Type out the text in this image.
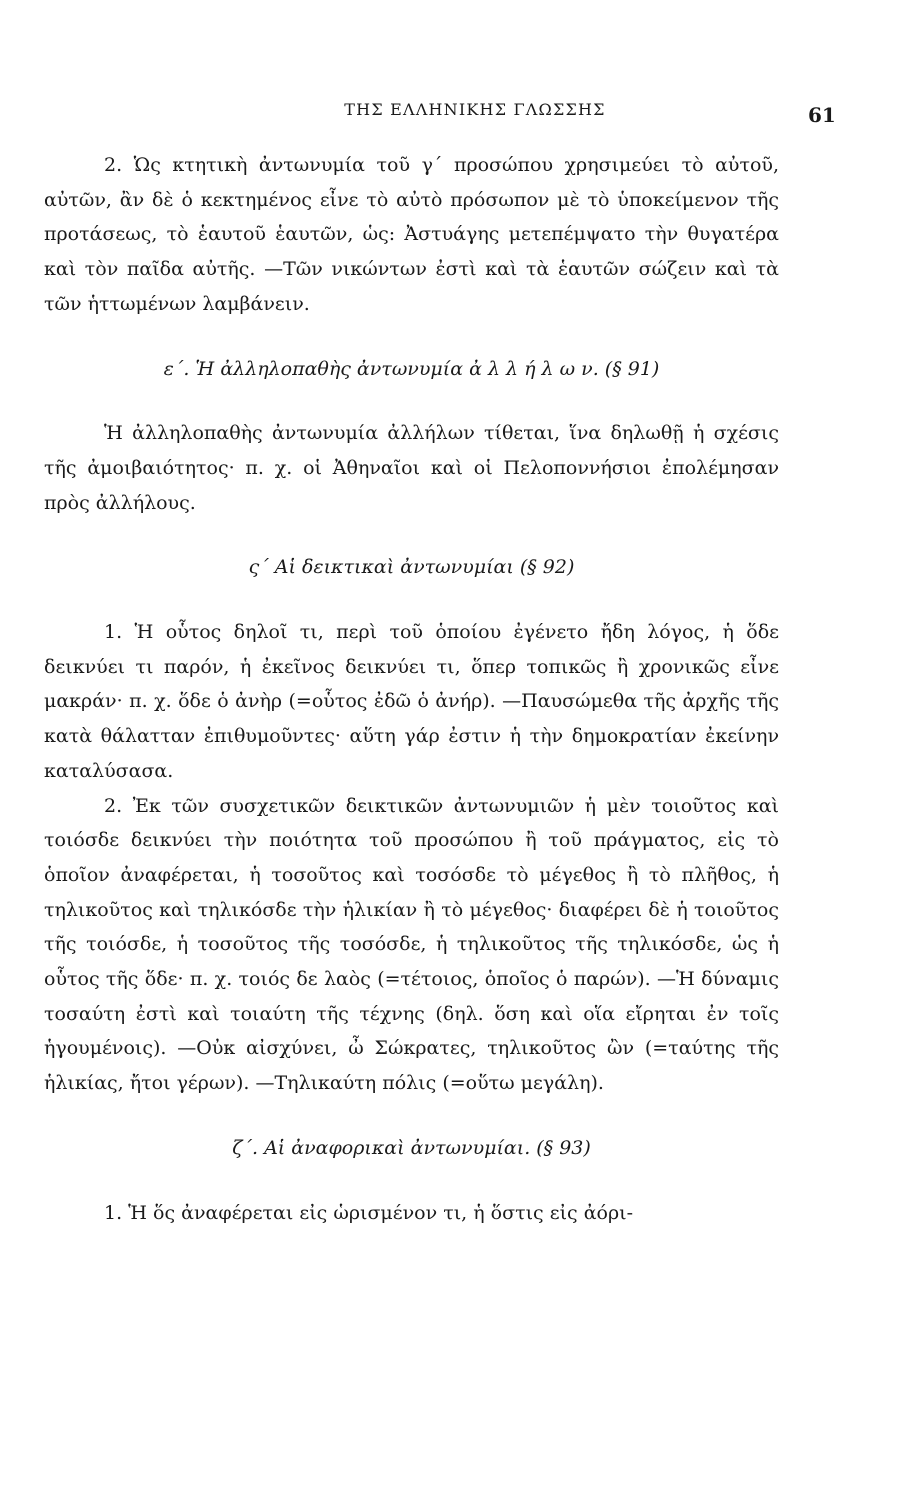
ΤΗΣ ΕΛΛΗΝΙΚΗΣ ΓΛΩΣΣΗΣ	61

2. Ὡς κτητικὴ ἀντωνυμία τοῦ γ΄ προσώπου χρησιμεύει τὸ αὐτοῦ, αὐτῶν, ἂν δὲ ὁ κεκτημένος εἶνε τὸ αὐτὸ πρόσωπον μὲ τὸ ὑποκείμενον τῆς προτάσεως, τὸ ἑαυτοῦ ἑαυτῶν, ὡς: Ἀστυάγης μετεπέμψατο τὴν θυγατέρα καὶ τὸν παῖδα αὐτῆς. —Τῶν νικώντων ἐστὶ καὶ τὰ ἑαυτῶν σώζειν καὶ τὰ τῶν ἡττωμένων λαμβάνειν.

ε΄. Ἡ ἀλληλοπαθὴς ἀντωνυμία ἀ λ λ ή λ ω ν. (§ 91)

Ἡ ἀλληλοπαθὴς ἀντωνυμία ἀλλήλων τίθεται, ἵνα δηλωθῇ ἡ σχέσις τῆς ἀμοιβαιότητος· π. χ. οἱ Ἀθηναῖοι καὶ οἱ Πελοποννήσιοι ἐπολέμησαν πρὸς ἀλλήλους.

ς΄ Αἱ δεικτικαὶ ἀντωνυμίαι (§ 92)

1. Ἡ οὗτος δηλοῖ τι, περὶ τοῦ ὁποίου ἐγένετο ἤδη λόγος, ἡ ὅδε δεικνύει τι παρόν, ἡ ἐκεῖνος δεικνύει τι, ὅπερ τοπικῶς ἢ χρονικῶς εἶνε μακράν· π. χ. ὅδε ὁ ἀνὴρ (=οὗτος ἐδῶ ὁ ἀνήρ). —Παυσώμεθα τῆς ἀρχῆς τῆς κατὰ θάλατταν ἐπιθυμοῦντες· αὕτη γάρ ἐστιν ἡ τὴν δημοκρατίαν ἐκείνην καταλύσασα.

2. Ἐκ τῶν συσχετικῶν δεικτικῶν ἀντωνυμιῶν ἡ μὲν τοιοῦτος καὶ τοιόσδε δεικνύει τὴν ποιότητα τοῦ προσώπου ἢ τοῦ πράγματος, εἰς τὸ ὁποῖον ἀναφέρεται, ἡ τοσοῦτος καὶ τοσόσδε τὸ μέγεθος ἢ τὸ πλῆθος, ἡ τηλικοῦτος καὶ τηλικόσδε τὴν ἡλικίαν ἢ τὸ μέγεθος· διαφέρει δὲ ἡ τοιοῦτος τῆς τοιόσδε, ἡ τοσοῦτος τῆς τοσόσδε, ἡ τηλικοῦτος τῆς τηλικόσδε, ὡς ἡ οὗτος τῆς ὅδε· π. χ. τοιός δε λαὸς (=τέτοιος, ὁποῖος ὁ παρών). —Ἡ δύναμις τοσαύτη ἐστὶ καὶ τοιαύτη τῆς τέχνης (δηλ. ὅση καὶ οἵα εἴρηται ἐν τοῖς ἡγουμένοις). —Οὐκ αἰσχύνει, ὦ Σώκρατες, τηλικοῦτος ὢν (=ταύτης τῆς ἡλικίας, ἤτοι γέρων). —Τηλικαύτη πόλις (=οὕτω μεγάλη).

ζ΄. Αἱ ἀναφορικαὶ ἀντωνυμίαι. (§ 93)

1. Ἡ ὅς ἀναφέρεται εἰς ὡρισμένον τι, ἡ ὅστις εἰς ἀόρι-
